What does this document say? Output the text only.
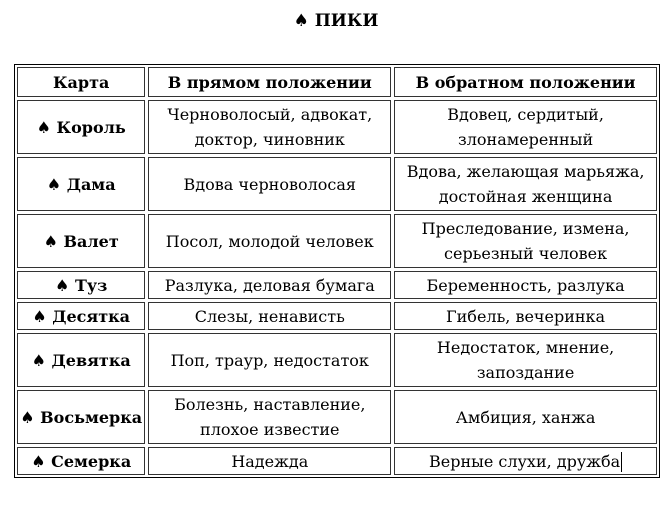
♠ ПИКИ
Карта	В прямом положении	В обратном положении
♠ Король	Черноволосый, адвокат, доктор, чиновник	Вдовец, сердитый, злонамеренный
♠ Дама	Вдова черноволосая	Вдова, желающая марьяжа, достойная женщина
♠ Валет	Посол, молодой человек	Преследование, измена, серьезный человек
♠ Туз	Разлука, деловая бумага	Беременность, разлука
♠ Десятка	Слезы, ненависть	Гибель, вечеринка
♠ Девятка	Поп, траур, недостаток	Недостаток, мнение, запоздание
♠ Восьмерка	Болезнь, наставление, плохое известие	Амбиция, ханжа
♠ Семерка	Надежда	Верные слухи, дружба
